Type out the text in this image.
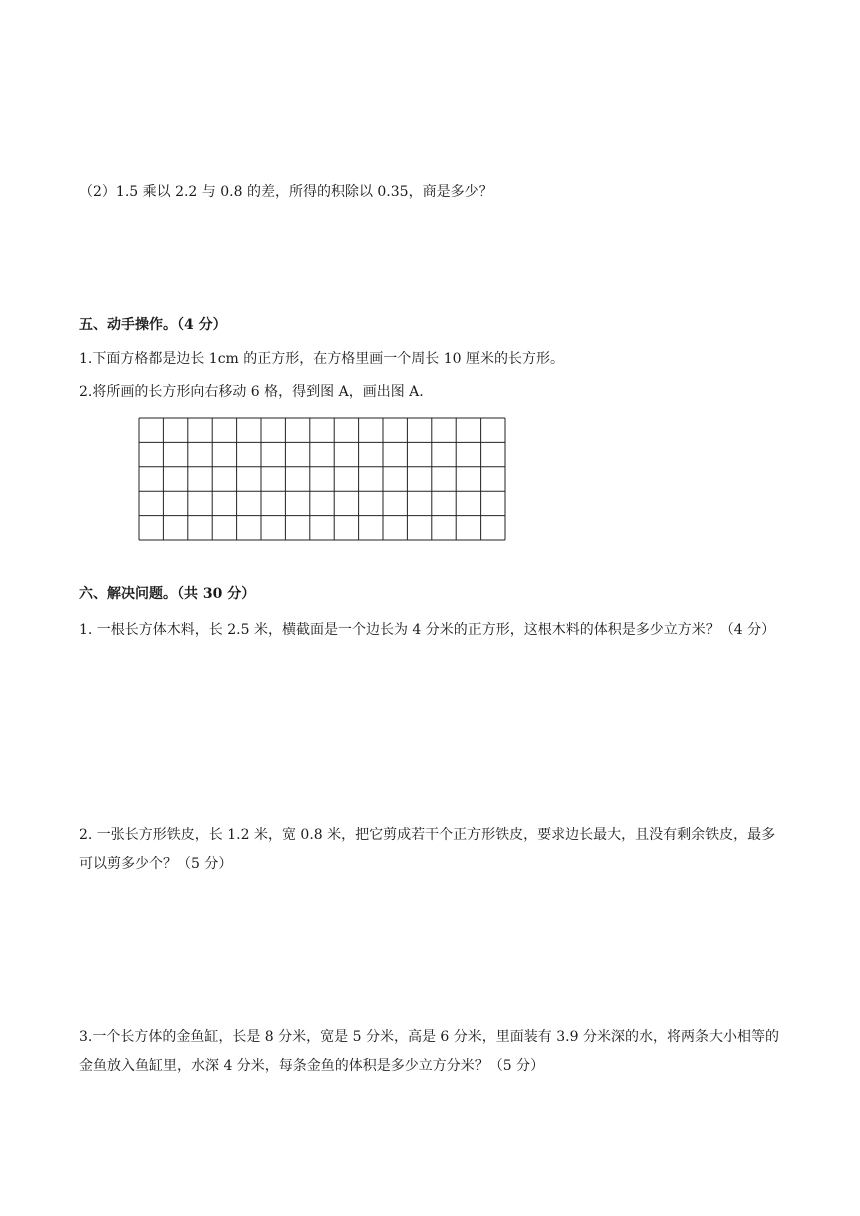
（2）1.5 乘以 2.2 与 0.8 的差，所得的积除以 0.35，商是多少？
五、动手操作。（4 分）
1.下面方格都是边长 1cm 的正方形，在方格里画一个周长 10 厘米的长方形。
2.将所画的长方形向右移动 6 格，得到图 A，画出图 A.
六、解决问题。（共 30 分）
1. 一根长方体木料，长 2.5 米，横截面是一个边长为 4 分米的正方形，这根木料的体积是多少立方米？（4 分）
2. 一张长方形铁皮，长 1.2 米，宽 0.8 米，把它剪成若干个正方形铁皮，要求边长最大，且没有剩余铁皮，最多可以剪多少个？（5 分）
3.一个长方体的金鱼缸，长是 8 分米，宽是 5 分米，高是 6 分米，里面装有 3.9 分米深的水，将两条大小相等的金鱼放入鱼缸里，水深 4 分米，每条金鱼的体积是多少立方分米？（5 分）
